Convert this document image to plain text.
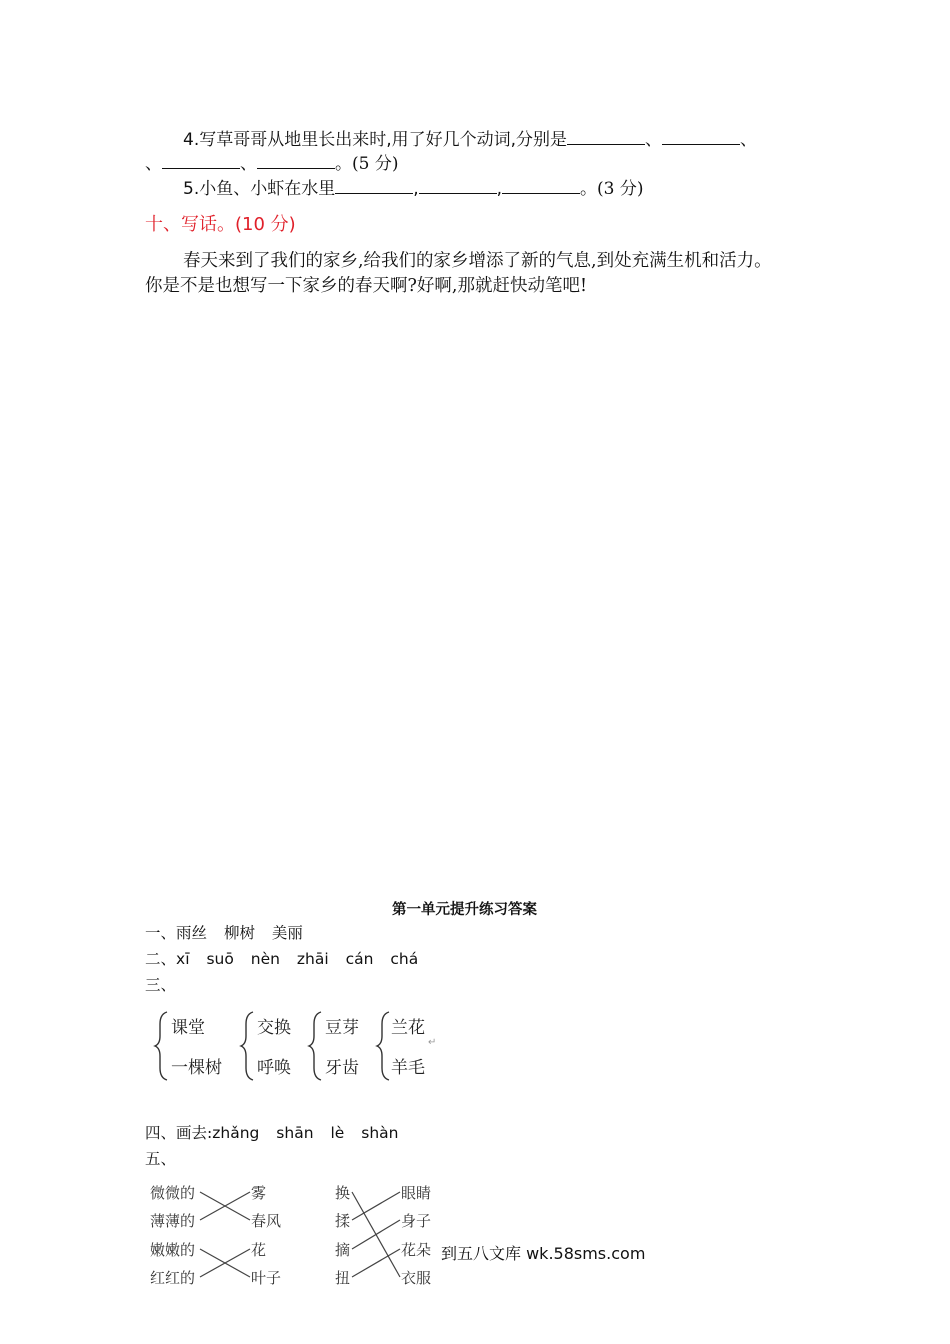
4.写草哥哥从地里长出来时,用了好几个动词,分别是	、	、
、	、	。(5 分)
5.小鱼、小虾在水里	,	,	。(3 分)
十、写话。(10 分)
春天来到了我们的家乡,给我们的家乡增添了新的气息,到处充满生机和活力。
你是不是也想写一下家乡的春天啊?好啊,那就赶快动笔吧!
第一单元提升练习答案
一、雨丝 柳树 美丽
二、xī suō nèn zhāi cán chá
三、
↵
课堂
一棵树
交换
呼唤
豆芽
牙齿
兰花
羊毛
四、画去:zhǎng shān lè shàn
五、
微微的
薄薄的
嫩嫩的
红红的
雾
春风
花
叶子
换
揉
摘
扭
眼睛
身子
花朵
衣服
到五八文库 wk.58sms.com
